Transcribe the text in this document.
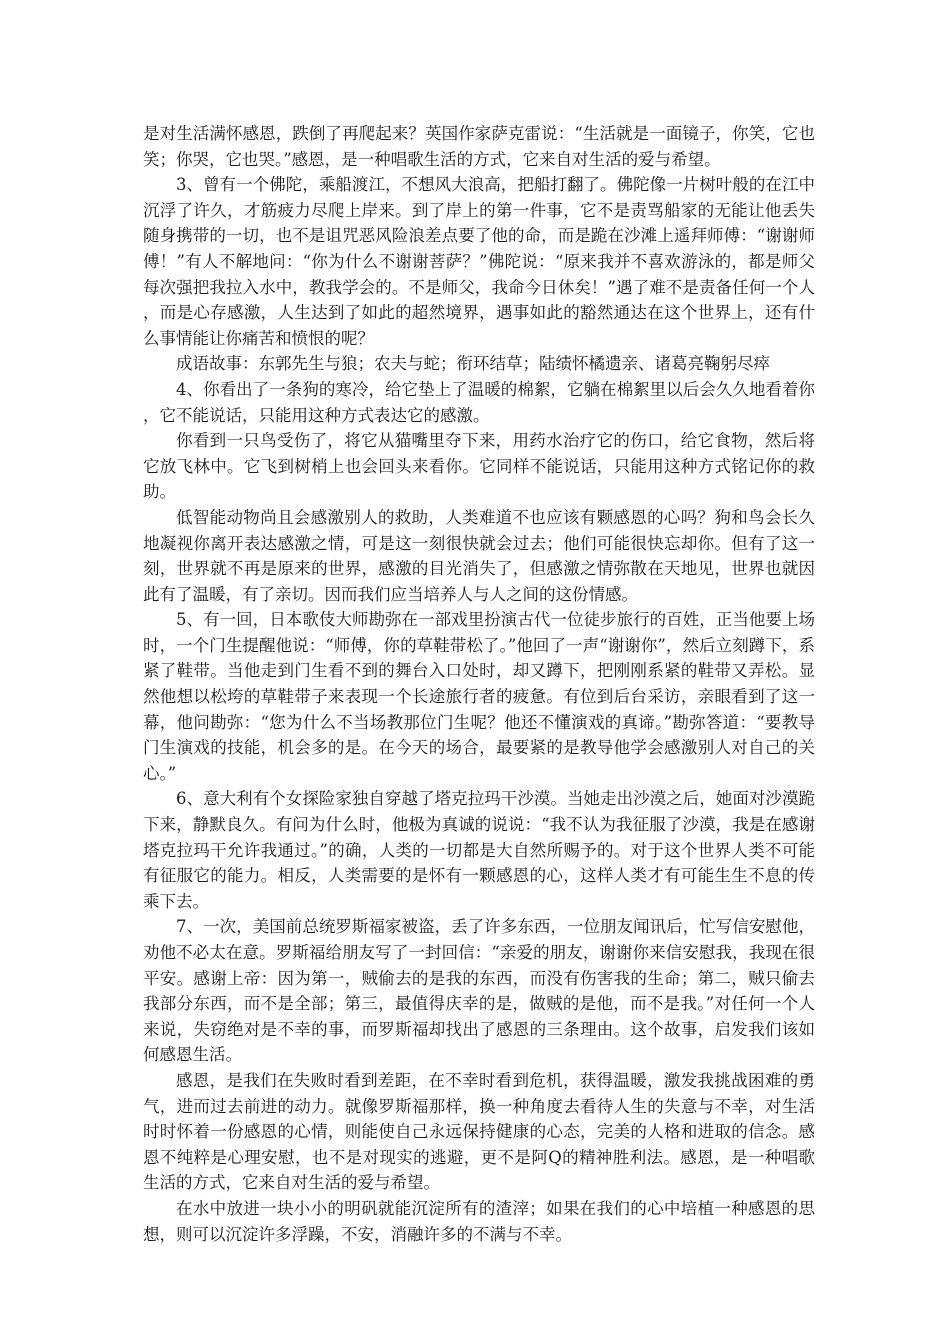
是对生活满怀感恩，跌倒了再爬起来？英国作家萨克雷说：“生活就是一面镜子，你笑，它也笑；你哭，它也哭。”感恩，是一种唱歌生活的方式，它来自对生活的爱与希望。

3、曾有一个佛陀，乘船渡江，不想风大浪高，把船打翻了。佛陀像一片树叶般的在江中沉浮了许久，才筋疲力尽爬上岸来。到了岸上的第一件事，它不是责骂船家的无能让他丢失随身携带的一切，也不是诅咒恶风险浪差点要了他的命，而是跪在沙滩上遥拜师傅：“谢谢师傅！”有人不解地问：“你为什么不谢谢菩萨？”佛陀说：“原来我并不喜欢游泳的，都是师父每次强把我拉入水中，教我学会的。不是师父，我命今日休矣！”遇了难不是责备任何一个人，而是心存感激，人生达到了如此的超然境界，遇事如此的豁然通达在这个世界上，还有什么事情能让你痛苦和愤恨的呢？

成语故事：东郭先生与狼；农夫与蛇；衔环结草；陆绩怀橘遗亲、诸葛亮鞠躬尽瘁

4、你看出了一条狗的寒冷，给它垫上了温暖的棉絮，它躺在棉絮里以后会久久地看着你，它不能说话，只能用这种方式表达它的感激。

你看到一只鸟受伤了，将它从猫嘴里夺下来，用药水治疗它的伤口，给它食物，然后将它放飞林中。它飞到树梢上也会回头来看你。它同样不能说话，只能用这种方式铭记你的救助。

低智能动物尚且会感激别人的救助，人类难道不也应该有颗感恩的心吗？狗和鸟会长久地凝视你离开表达感激之情，可是这一刻很快就会过去；他们可能很快忘却你。但有了这一刻，世界就不再是原来的世界，感激的目光消失了，但感激之情弥散在天地见，世界也就因此有了温暖，有了亲切。因而我们应当培养人与人之间的这份情感。

5、有一回，日本歌伎大师勘弥在一部戏里扮演古代一位徒步旅行的百姓，正当他要上场时，一个门生提醒他说：“师傅，你的草鞋带松了。”他回了一声“谢谢你”，然后立刻蹲下，系紧了鞋带。当他走到门生看不到的舞台入口处时，却又蹲下，把刚刚系紧的鞋带又弄松。显然他想以松垮的草鞋带子来表现一个长途旅行者的疲惫。有位到后台采访，亲眼看到了这一幕，他问勘弥：“您为什么不当场教那位门生呢？他还不懂演戏的真谛。”勘弥答道：“要教导门生演戏的技能，机会多的是。在今天的场合，最要紧的是教导他学会感激别人对自己的关心。”

6、意大利有个女探险家独自穿越了塔克拉玛干沙漠。当她走出沙漠之后，她面对沙漠跪下来，静默良久。有问为什么时，他极为真诚的说说：“我不认为我征服了沙漠，我是在感谢塔克拉玛干允许我通过。”的确，人类的一切都是大自然所赐予的。对于这个世界人类不可能有征服它的能力。相反，人类需要的是怀有一颗感恩的心，这样人类才有可能生生不息的传乘下去。

7、一次，美国前总统罗斯福家被盗，丢了许多东西，一位朋友闻讯后，忙写信安慰他，劝他不必太在意。罗斯福给朋友写了一封回信：“亲爱的朋友，谢谢你来信安慰我，我现在很平安。感谢上帝：因为第一，贼偷去的是我的东西，而没有伤害我的生命；第二，贼只偷去我部分东西，而不是全部；第三，最值得庆幸的是，做贼的是他，而不是我。”对任何一个人来说，失窃绝对是不幸的事，而罗斯福却找出了感恩的三条理由。这个故事，启发我们该如何感恩生活。

感恩，是我们在失败时看到差距，在不幸时看到危机，获得温暖，激发我挑战困难的勇气，进而过去前进的动力。就像罗斯福那样，换一种角度去看待人生的失意与不幸，对生活时时怀着一份感恩的心情，则能使自己永远保持健康的心态，完美的人格和进取的信念。感恩不纯粹是心理安慰，也不是对现实的逃避，更不是阿Q的精神胜利法。感恩，是一种唱歌生活的方式，它来自对生活的爱与希望。

在水中放进一块小小的明矾就能沉淀所有的渣滓；如果在我们的心中培植一种感恩的思想，则可以沉淀许多浮躁，不安，消融许多的不满与不幸。
